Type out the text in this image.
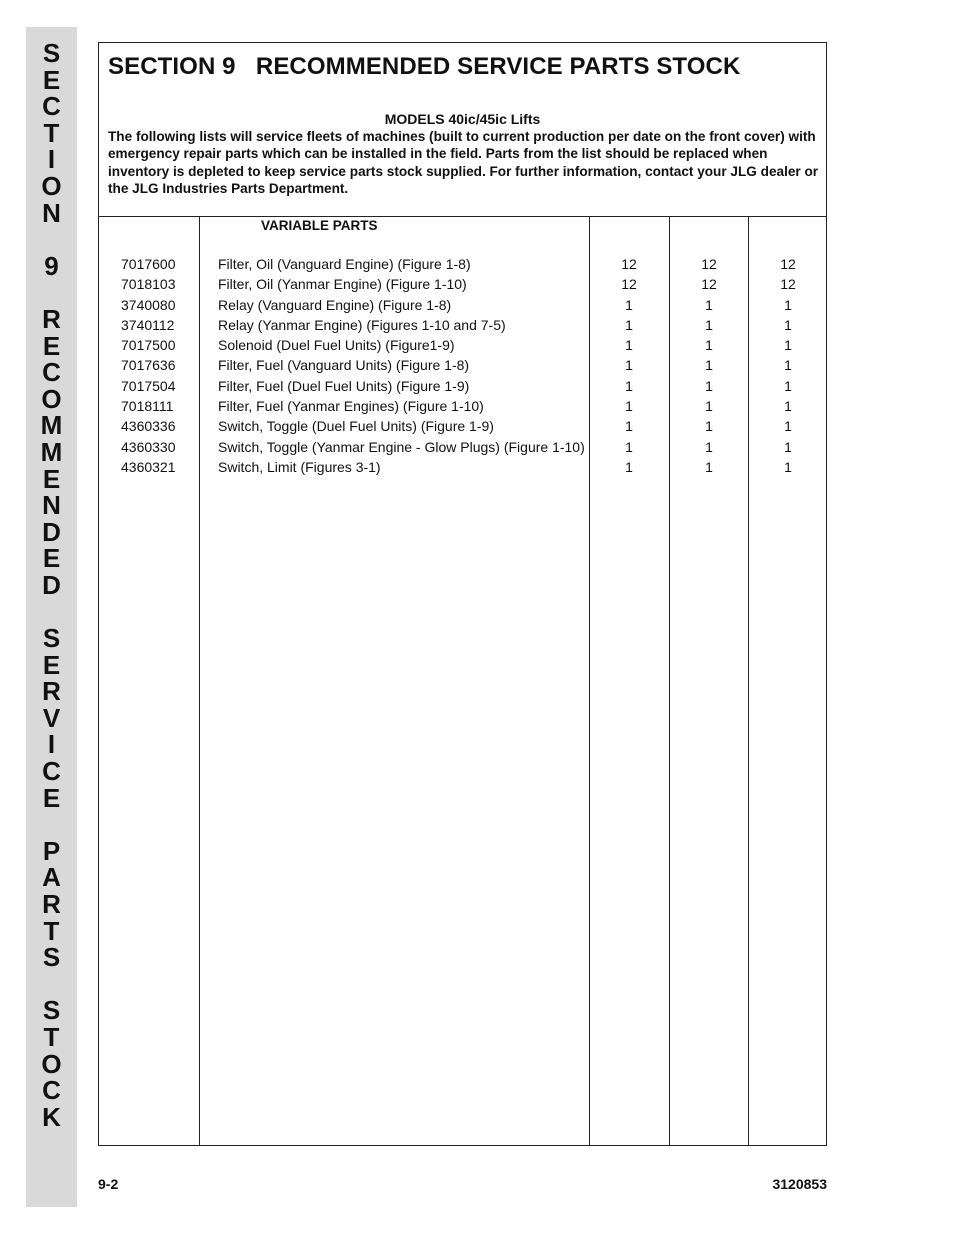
S
E
C
T
I
O
N

9

R
E
C
O
M
M
E
N
D
E
D

S
E
R
V
I
C
E

P
A
R
T
S

S
T
O
C
K
SECTION 9   RECOMMENDED SERVICE PARTS STOCK
MODELS 40ic/45ic Lifts

The following lists will service fleets of machines (built to current production per date on the front cover) with emergency repair parts which can be installed in the field. Parts from the list should be replaced when inventory is depleted to keep service parts stock supplied. For further information, contact your JLG dealer or the JLG Industries Parts Department.

VARIABLE PARTS
7017600	Filter, Oil (Vanguard Engine) (Figure 1-8)	12	12	12
7018103	Filter, Oil (Yanmar Engine) (Figure 1-10)	12	12	12
3740080	Relay (Vanguard Engine) (Figure 1-8)	1	1	1
3740112	Relay (Yanmar Engine) (Figures 1-10 and 7-5)	1	1	1
7017500	Solenoid (Duel Fuel Units) (Figure1-9)	1	1	1
7017636	Filter, Fuel (Vanguard Units) (Figure 1-8)	1	1	1
7017504	Filter, Fuel (Duel Fuel Units) (Figure 1-9)	1	1	1
7018111	Filter, Fuel (Yanmar Engines) (Figure 1-10)	1	1	1
4360336	Switch, Toggle (Duel Fuel Units) (Figure 1-9)	1	1	1
4360330	Switch, Toggle (Yanmar Engine - Glow Plugs) (Figure 1-10)	1	1	1
4360321	Switch, Limit (Figures 3-1)	1	1	1
9-2	3120853
